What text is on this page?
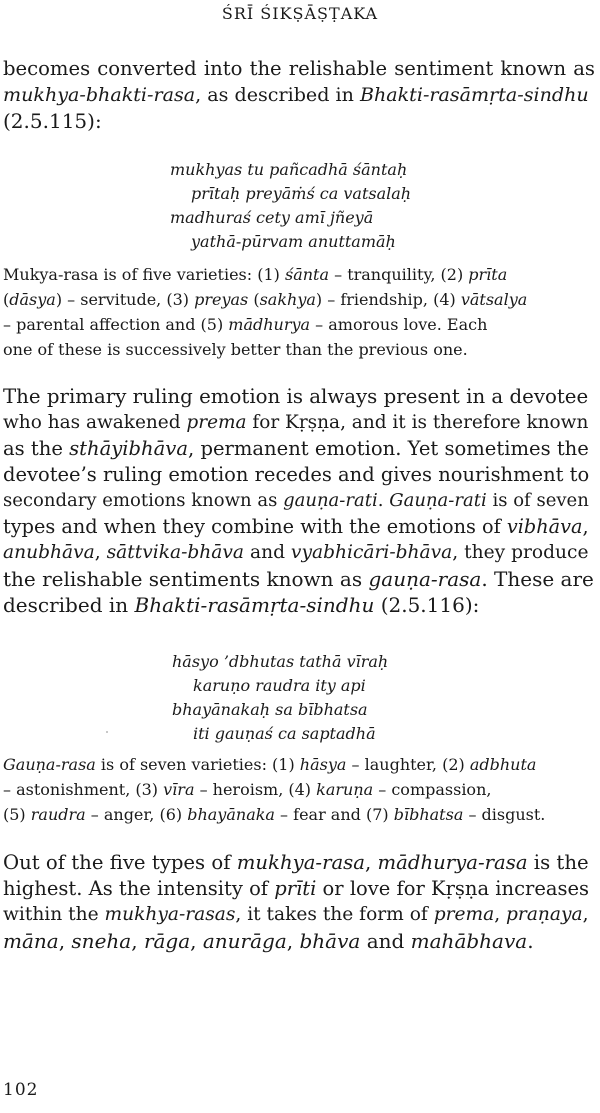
ŚRĪ ŚIKṢĀṢṬAKA

becomes converted into the relishable sentiment known as
mukhya-bhakti-rasa, as described in Bhakti-rasāmṛta-sindhu
(2.5.115):

mukhyas tu pañcadhā śāntaḥ
prītaḥ preyāṁś ca vatsalaḥ
madhuraś cety amī jñeyā
yathā-pūrvam anuttamāḥ
Mukya-rasa is of five varieties: (1) śānta – tranquility, (2) prīta
(dāsya) – servitude, (3) preyas (sakhya) – friendship, (4) vātsalya
– parental affection and (5) mādhurya – amorous love. Each
one of these is successively better than the previous one.

The primary ruling emotion is always present in a devotee
who has awakened prema for Kṛṣṇa, and it is therefore known
as the sthāyibhāva, permanent emotion. Yet sometimes the
devotee’s ruling emotion recedes and gives nourishment to
secondary emotions known as gauṇa-rati. Gauṇa-rati is of seven
types and when they combine with the emotions of vibhāva,
anubhāva, sāttvika-bhāva and vyabhicāri-bhāva, they produce
the relishable sentiments known as gauṇa-rasa. These are
described in Bhakti-rasāmṛta-sindhu (2.5.116):

hāsyo ’dbhutas tathā vīraḥ
karuṇo raudra ity api
bhayānakaḥ sa bībhatsa
iti gauṇaś ca saptadhā
Gauṇa-rasa is of seven varieties: (1) hāsya – laughter, (2) adbhuta
– astonishment, (3) vīra – heroism, (4) karuṇa – compassion,
(5) raudra – anger, (6) bhayānaka – fear and (7) bībhatsa – disgust.

Out of the five types of mukhya-rasa, mādhurya-rasa is the
highest. As the intensity of prīti or love for Kṛṣṇa increases
within the mukhya-rasas, it takes the form of prema, praṇaya,
māna, sneha, rāga, anurāga, bhāva and mahābhava.

102
